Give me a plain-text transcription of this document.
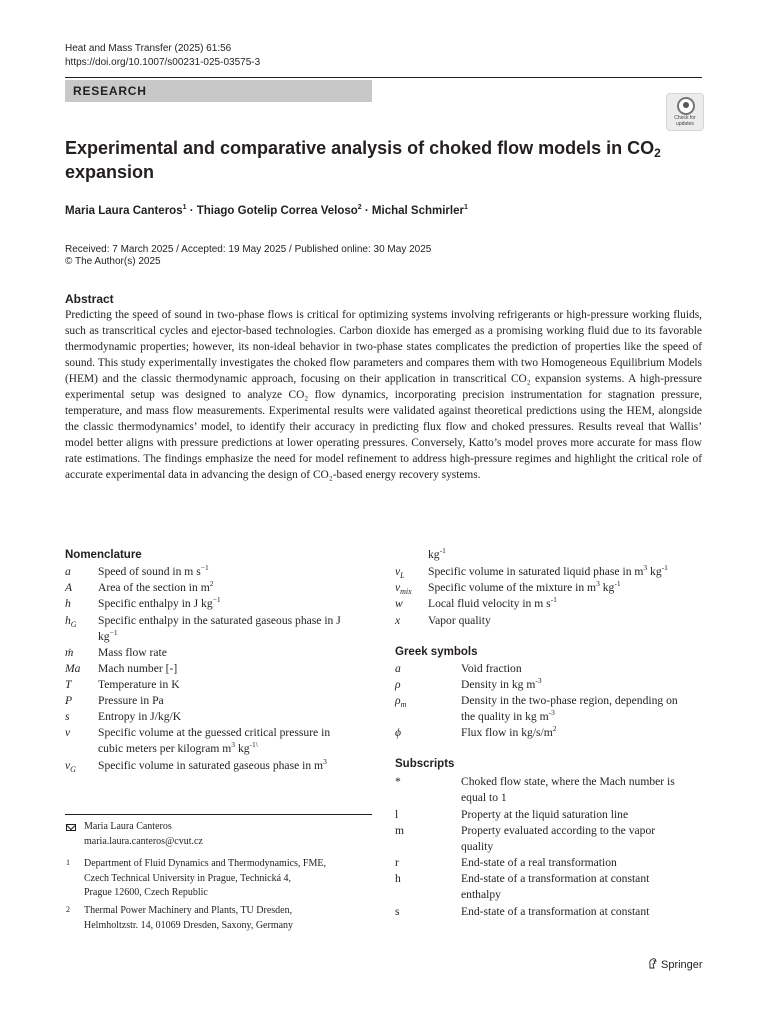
Heat and Mass Transfer (2025) 61:56
https://doi.org/10.1007/s00231-025-03575-3
RESEARCH
Check for updates
Experimental and comparative analysis of choked flow models in $CO_2$
expansion
Maria Laura Canteros$^1$ · Thiago Gotelip Correa Veloso$^2$ · Michal Schmirler$^1$
Received: 7 March 2025 / Accepted: 19 May 2025 / Published online: 30 May 2025
© The Author(s) 2025
Abstract
Predicting the speed of sound in two-phase flows is critical for optimizing systems involving refrigerants or high-pressure working fluids, such as transcritical cycles and ejector-based technologies. Carbon dioxide has emerged as a promising working fluid due to its favorable thermodynamic properties; however, its non-ideal behavior in two-phase states complicates the prediction of properties like the speed of sound. This study experimentally investigates the choked flow parameters and compares them with two Homogeneous Equilibrium Models (HEM) and the classic thermodynamic approach, focusing on their application in transcritical CO₂ expansion systems. A high-pressure experimental setup was designed to analyze CO₂ flow dynamics, incorporating precision instrumentation for stagnation pressure, temperature, and mass flow measurements. Experimental results were validated against theoretical predictions using the HEM, alongside the classic thermodynamics’ model, to identify their accuracy in predicting flux flow and choked pressures. Results reveal that Wallis’ model better aligns with pressure predictions at lower operating pressures. Conversely, Katto’s model proves more accurate for mass flow rate estimations. The findings emphasize the need for model refinement to address high-pressure regimes and highlight the critical role of accurate experimental data in advancing the design of CO₂-based energy recovery systems.
Nomenclature
a Speed of sound in m $s^{-1}$
A Area of the section in $m^2$
h Specific enthalpy in J $kg^{-1}$
$h_G$ Specific enthalpy in the saturated gaseous phase in J
$kg^{-1}$
ṁ Mass flow rate
Ma Mach number [-]
T Temperature in K
P Pressure in Pa
s Entropy in J/kg/K
v Specific volume at the guessed critical pressure in
cubic meters per kilogram $m^3$ $kg^{-1\backslash}$
$v_G$ Specific volume in saturated gaseous phase in $m^3$
$kg^{-1}$
$v_L$ Specific volume in saturated liquid phase in $m^3$ $kg^{-1}$
$v_{mix}$ Specific volume of the mixture in $m^3$ $kg^{-1}$
w Local fluid velocity in m $s^{-1}$
x Vapor quality
Greek symbols
a	Void fraction
ρ	Density in kg $m^{-3}$
$\rho_m$	Density in the two-phase region, depending on
the quality in kg $m^{-3}$
ϕ	Flux flow in $kg/s/m^2$
Subscripts
*	Choked flow state, where the Mach number is
equal to 1
l	Property at the liquid saturation line
m	Property evaluated according to the vapor
quality
r	End-state of a real transformation
h	End-state of a transformation at constant
enthalpy
s	End-state of a transformation at constant
Maria Laura Canteros
maria.laura.canteros@cvut.cz
1 Department of Fluid Dynamics and Thermodynamics, FME,
Czech Technical University in Prague, Technická 4,
Prague 12600, Czech Republic
2 Thermal Power Machinery and Plants, TU Dresden,
Helmholtzstr. 14, 01069 Dresden, Saxony, Germany
Springer
